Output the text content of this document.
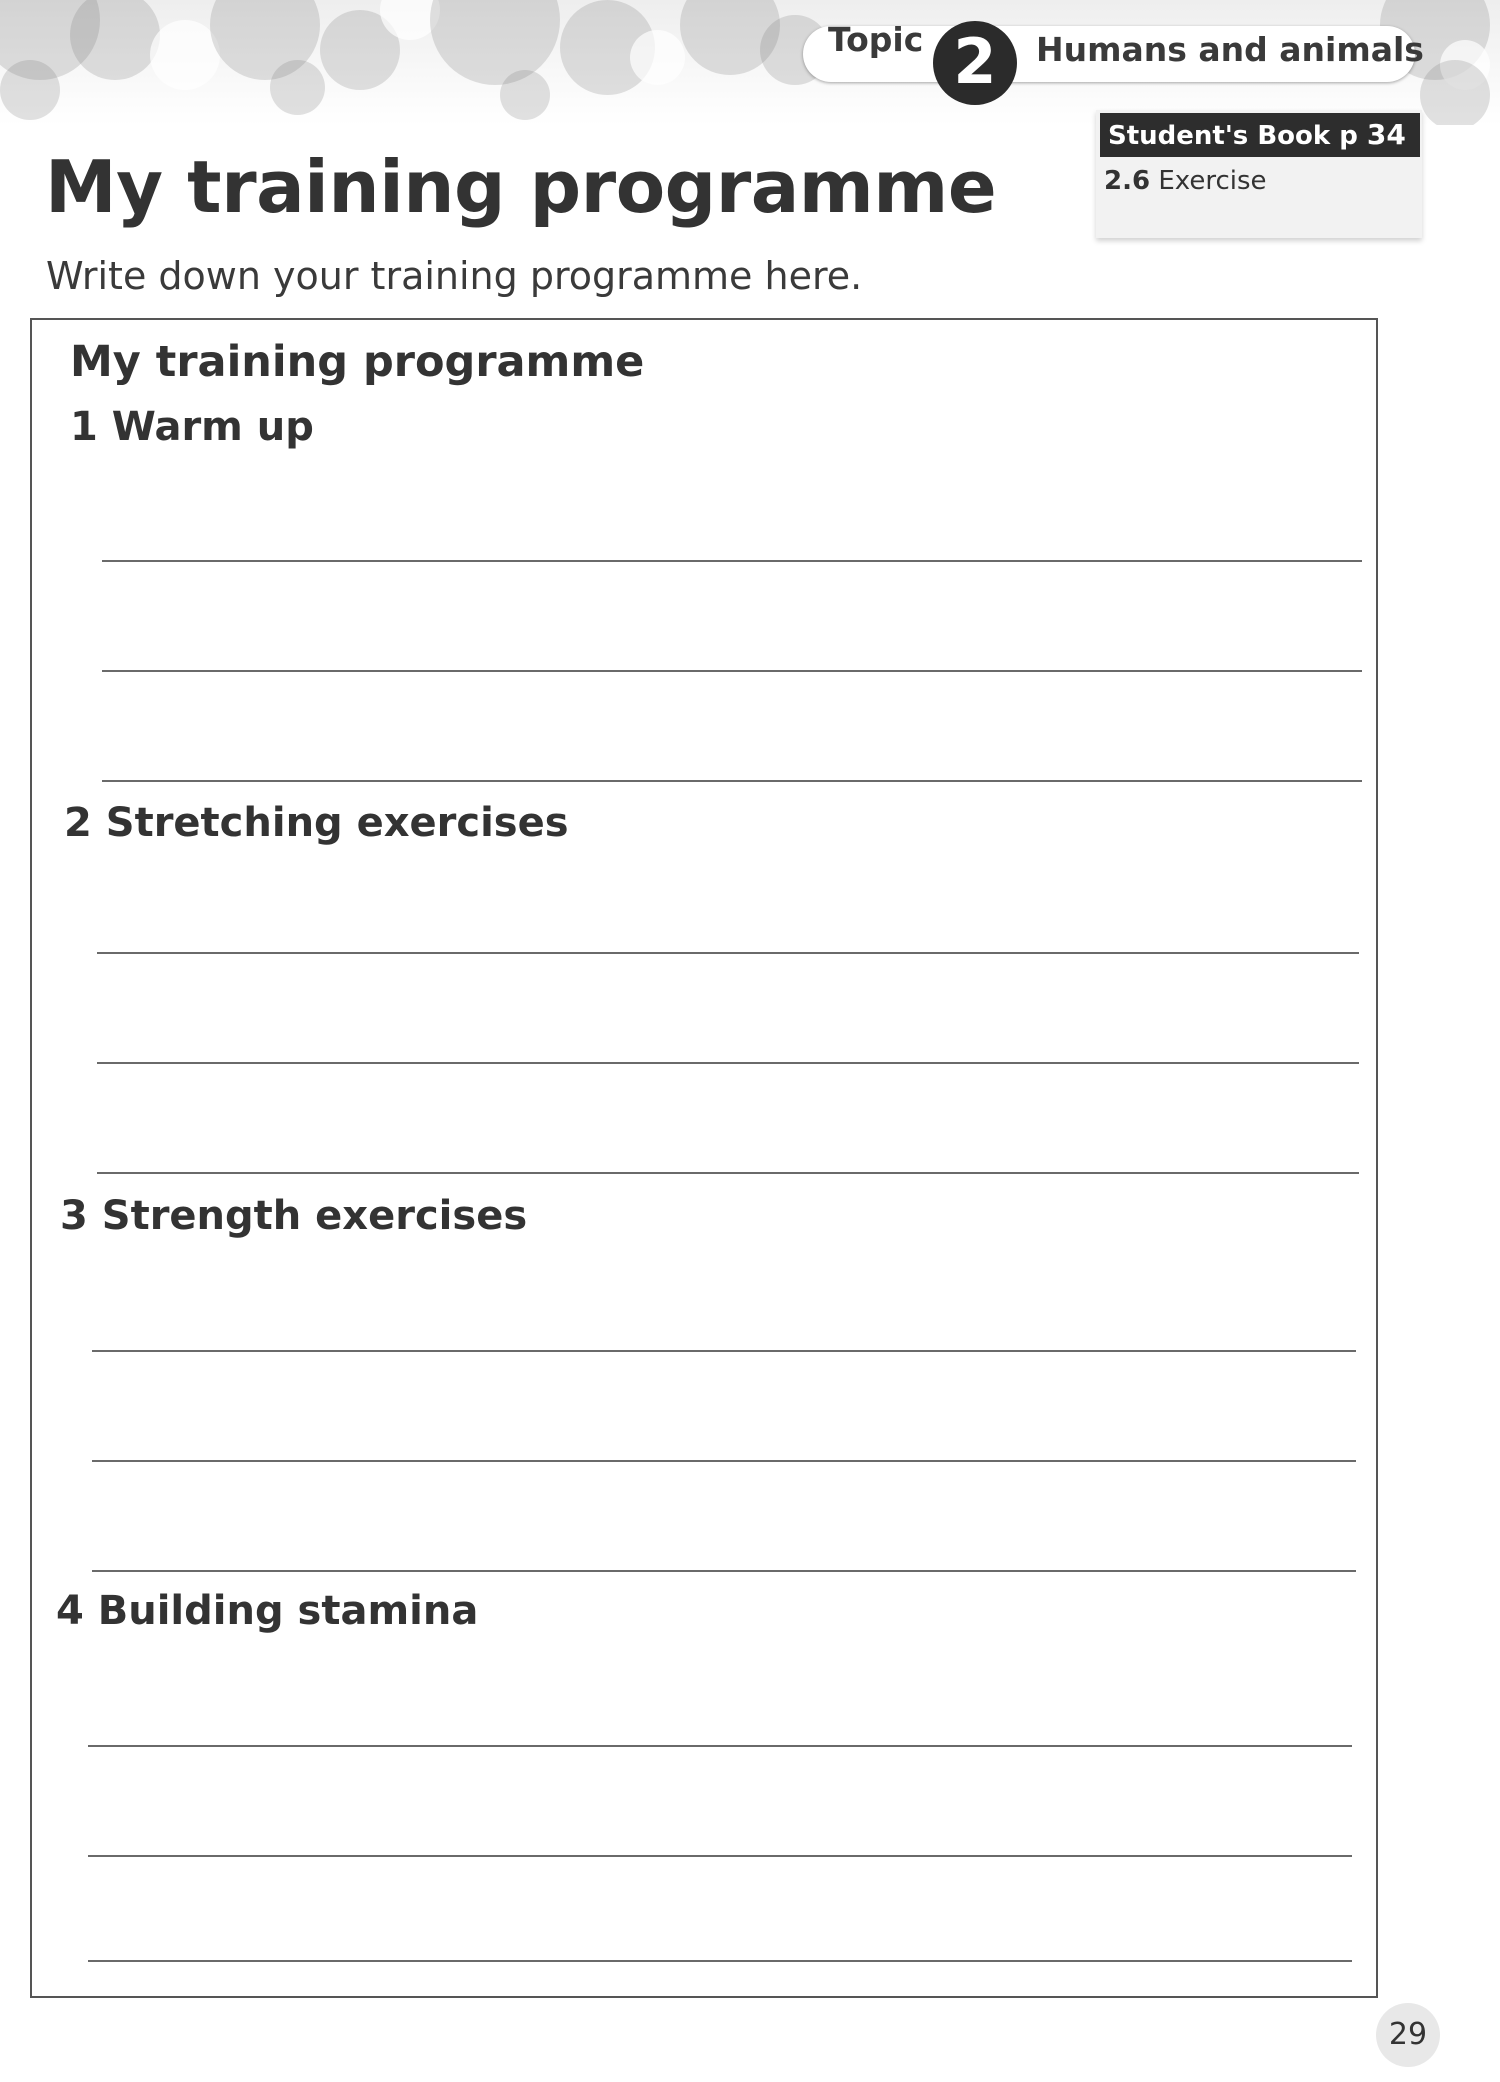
Topic 2	Humans and animals
Student's Book p 34
2.6 Exercise
My training programme

Write down your training programme here.

My training programme
1 Warm up
2 Stretching exercises
3 Strength exercises
4 Building stamina
29
